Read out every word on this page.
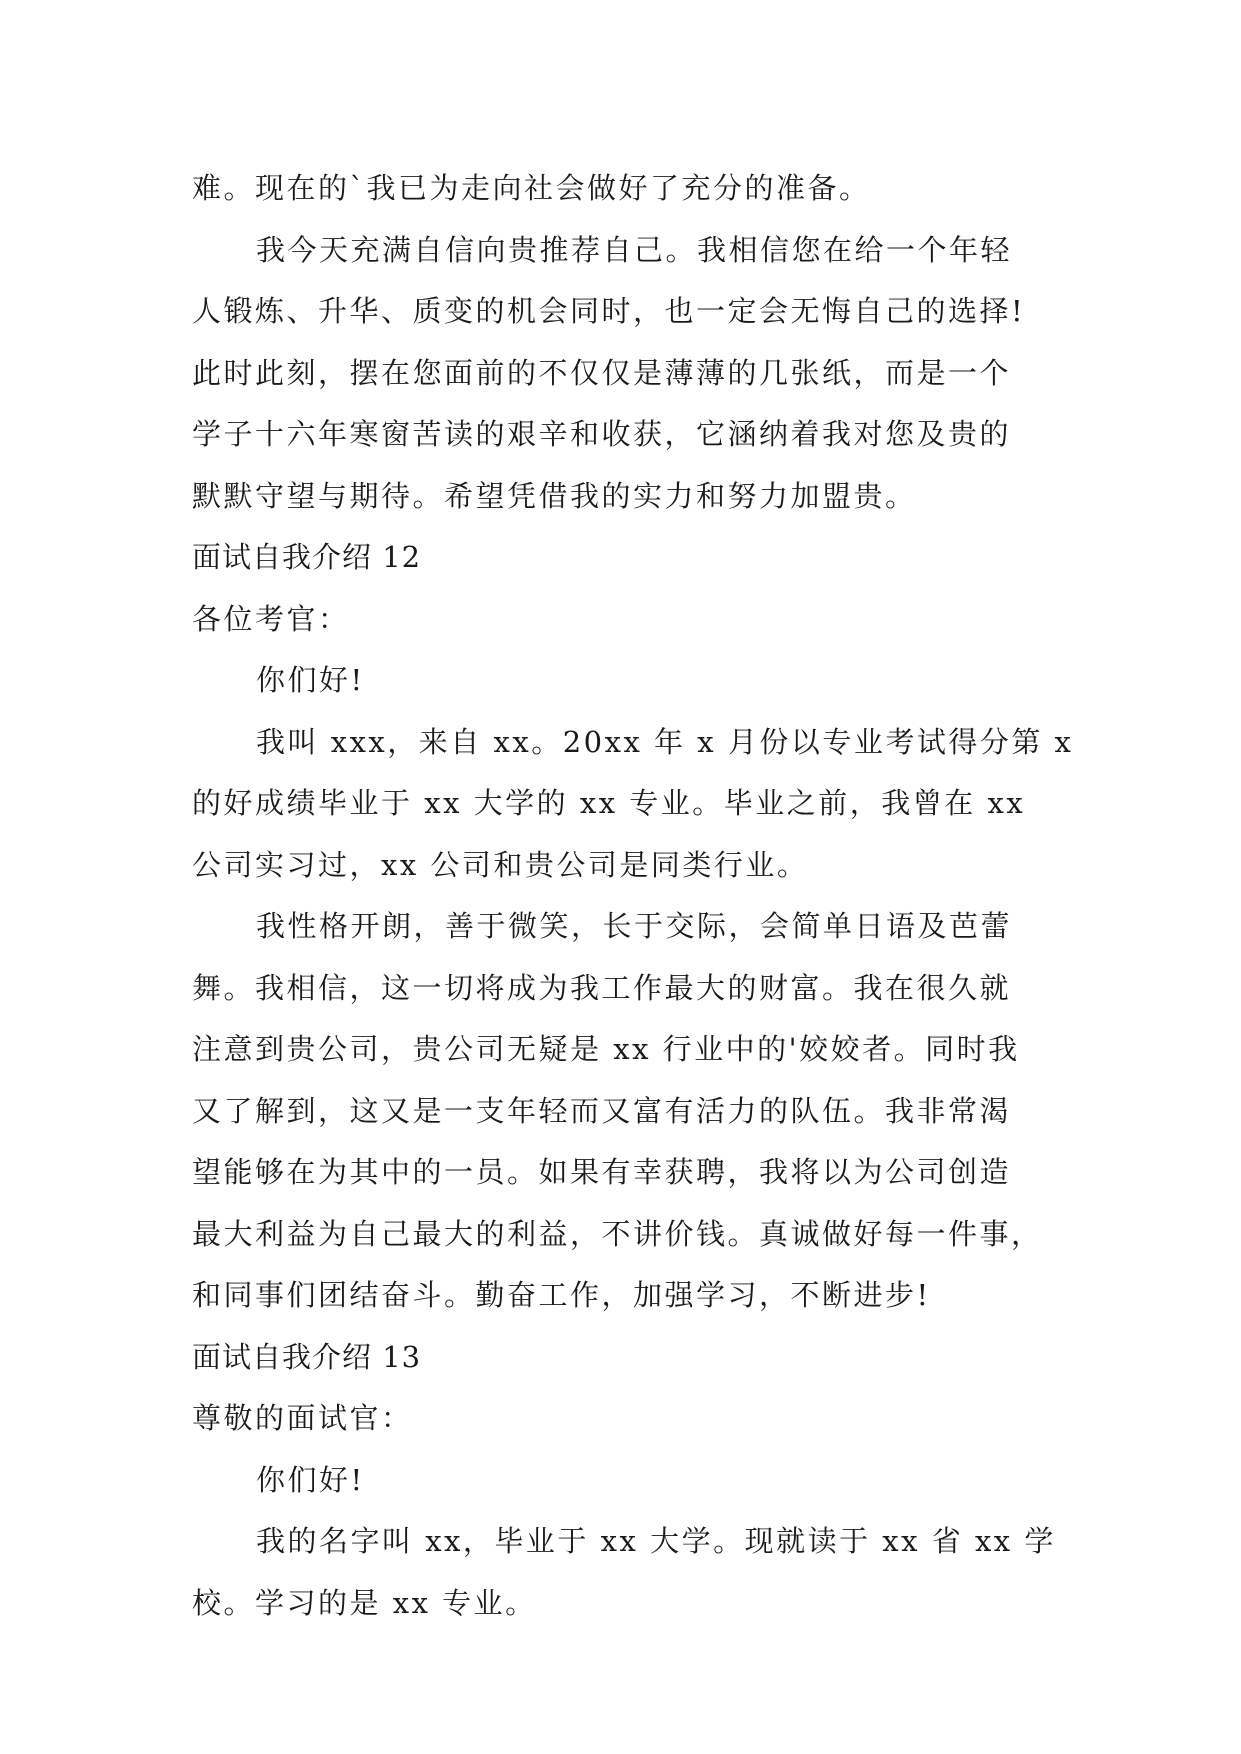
难。现在的`我已为走向社会做好了充分的准备。
我今天充满自信向贵推荐自己。我相信您在给一个年轻
人锻炼、升华、质变的机会同时，也一定会无悔自己的选择!
此时此刻，摆在您面前的不仅仅是薄薄的几张纸，而是一个
学子十六年寒窗苦读的艰辛和收获，它涵纳着我对您及贵的
默默守望与期待。希望凭借我的实力和努力加盟贵。
面试自我介绍 12
各位考官：
你们好!
我叫 xxx，来自 xx。20xx 年 x 月份以专业考试得分第 x
的好成绩毕业于 xx 大学的 xx 专业。毕业之前，我曾在 xx
公司实习过，xx 公司和贵公司是同类行业。
我性格开朗，善于微笑，长于交际，会简单日语及芭蕾
舞。我相信，这一切将成为我工作最大的财富。我在很久就
注意到贵公司，贵公司无疑是 xx 行业中的'姣姣者。同时我
又了解到，这又是一支年轻而又富有活力的队伍。我非常渴
望能够在为其中的一员。如果有幸获聘，我将以为公司创造
最大利益为自己最大的利益，不讲价钱。真诚做好每一件事，
和同事们团结奋斗。勤奋工作，加强学习，不断进步!
面试自我介绍 13
尊敬的面试官：
你们好!
我的名字叫 xx，毕业于 xx 大学。现就读于 xx 省 xx 学
校。学习的是 xx 专业。
